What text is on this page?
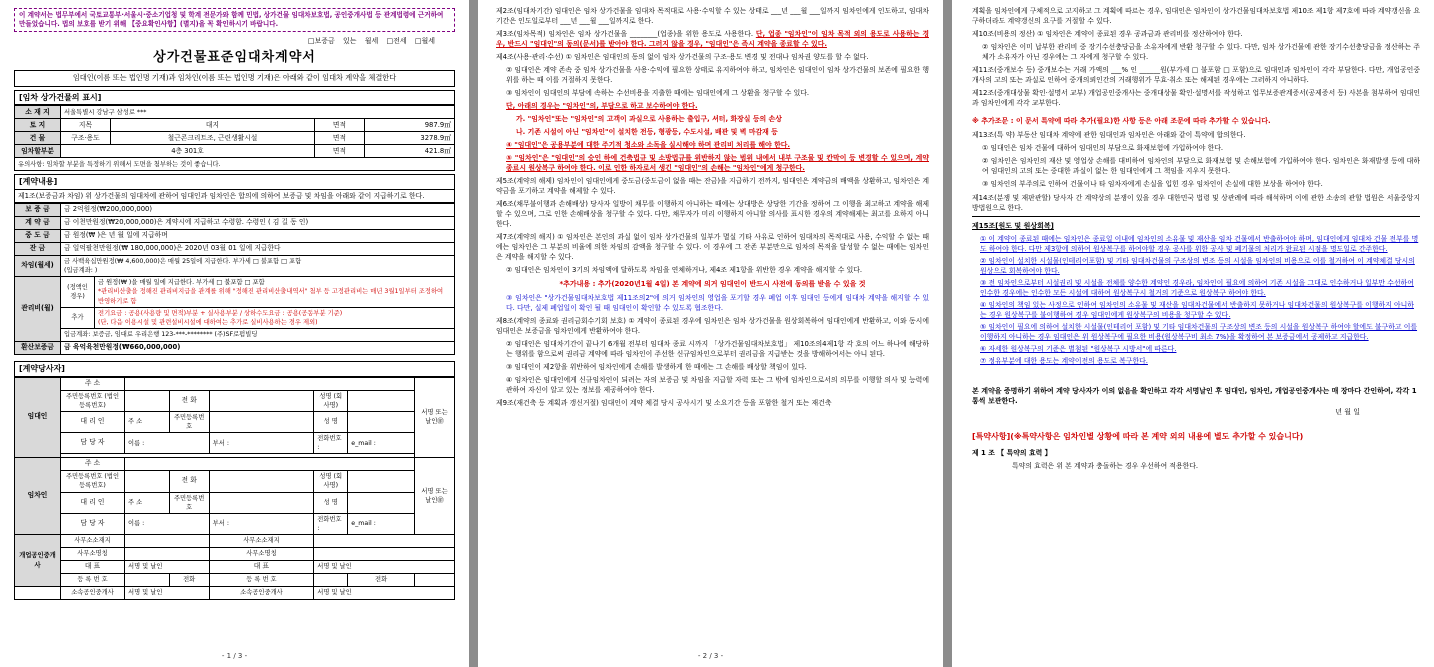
이 계약서는 법무부에서 국토교통부·서울시·중소기업청 및 학계 전문가와 함께 민법, 상가건물 임대차보호법, 공인중개사법 등 관계법령에 근거하여 만들었습니다. 법의 보호를 받기 위해 【중요확인사항】(별지)을 꼭 확인하시기 바랍니다.
□보증금 있는 월세 □전세 □월세
상가건물표준임대차계약서
임대인(이름 또는 법인명 기재)과 임차인(이름 또는 법인명 기재)은 아래와 같이 임대차 계약을 체결한다
[임차 상가건물의 표시]
소 재 지	서울특별시 강남구 삼성로 ***			
토 지	지목	대지	면적	987.9㎡
건 물	구조·용도	철근콘크리트조, 근린생활시설	면적	3278.9㎡
임차할부분	4층 301호		면적	421.8㎡
유의사항: 임차할 부분을 특정하기 위해서 도면을 첨부하는 것이 좋습니다.				
[계약내용]
제1조(보증금과 차임) 위 상가건물의 임대차에 관하여 임대인과 임차인은 합의에 의하여 보증금 및 차임을 아래와 같이 지급하기로 한다.
보 증 금	금 2억원정(₩200,000,000)	
계 약 금	금 이천만원정(₩20,000,000)은 계약시에 지급하고 수령함. 수령인 ( 김 길 동 인)	
중 도 금	금 원정(₩ )은 년 월 일에 지급하며	
잔 금	금 일억팔천만원정(₩ 180,000,000)은 2020년 03월 01 일에 지급한다	
차임(월세)	금 사백육십만원정(₩ 4,600,000)은 매월 25일에 지급한다. 부가세 □ 불포함 □ 포함
(입금계좌: )	

관리비(월)	(정액인 경우)	금 원정(₩ )을 매월 일에 지급한다. 부가세 □ 불포함 □ 포함
*관리비산출을 정해진 관리비지급을 관계를 위해 "정해진 관리비산출내역서" 첨부 등 고정관리비는 매년 3월1일부터 조정하여 반영하기로 함

	추가	전기요금 : 공용(사용량 및 면적)부분 + 실사용부분 / 상하수도요금 : 공용(공동부분 기준)
(단, 다음 이용시설 및 관련설비시설에 대하여는 추가로 실비사용하는 경우 제외)

	입금계좌: 보증금, 임대료 우리은행 123-***-******** (주)SF로펌빌딩	
환산보증금	금 육억육천만원정(₩660,000,000)	
[계약당사자]
임대인	주 소						서명 또는 날인㊞
	주민등록번호 (법인등록번호)		전 화		성명 (회사명)		
	대 리 인	주 소	주민등록번호		성 명		
	담 당 자	이름 :		부서 :	전화번호 :	e_mail :	

임차인	주 소						서명 또는 날인㊞
	주민등록번호 (법인등록번호)		전 화		성명 (회사명)		
	대 리 인	주 소	주민등록번호		성 명		
	담 당 자	이름 :		부서 :	전화번호 :	e_mail :	
개업공인중개사	사무소소재지			사무소소재지			
	사무소명칭			사무소명칭			
	대 표	서명 및 날인		대 표	서명 및 날인		
	등 록 번 호		전화	등 록 번 호		전화	
	소속공인중개사	서명 및 날인		소속공인중개사	서명 및 날인		
- 1 / 3 -
제2조(임대차기간) 임대인은 임차 상가건물을 임대차 목적대로 사용·수익할 수 있는 상태로 ___년 ___월 ___일까지 임차인에게 인도하고, 임대차기간은 인도일로부터 ___년 ___월 ___일까지로 한다.
제3조(임차목적) 임차인은 임차 상가건물을 ________(업종)을 위한 용도로 사용한다. 단, 업종 "임차인"이 임차 목적 외의 용도로 사용하는 경우, 반드시 "임대인"의 동의(문서)를 받아야 한다. 그러지 않을 경우, "임대인"은 즉시 계약을 종료할 수 있다.
제4조(사용·관리·수선) ① 임차인은 임대인의 동의 없이 임차 상가건물의 구조·용도 변경 및 전대나 임차권 양도를 할 수 없다.
② 임대인은 계약 존속 중 임차 상가건물을 사용·수익에 필요한 상태로 유지하여야 하고, 임차인은 임대인이 임차 상가건물의 보존에 필요한 행위를 하는 때 이를 거절하지 못한다.
③ 임차인이 임대인의 부담에 속하는 수선비용을 지출한 때에는 임대인에게 그 상환을 청구할 수 있다.
단, 아래의 경우는 "임차인"의, 부담으로 하고 보수하여야 한다.
가. "임차인"또는 "임차인"의 고객이 과실으로 사용하는 출입구, 셔터, 화장실 등의 손상
나. 기존 시설이 아닌 "임차인"이 설치한 전등, 형광등, 수도시설, 배관 및 벽 마감재 등
④ "임대인"은 공용부분에 대한 주기적 청소와 소독을 실시해야 하며 관리비 처리를 해야 한다.
⑤ "임차인"은 "임대인"의 승인 하에 건축법규 및 소방법규를 위반하지 않는 범위 내에서 내부 구조물 및 칸막이 등 변경할 수 있으며, 계약 종료시 원상복구 하여야 한다. 이로 인한 하자로서 생긴 "임대인"의 손해는 "임차인"에게 청구한다.
제5조(계약의 해제) 임차인이 임대인에게 중도금(중도금이 없을 때는 잔금)을 지급하기 전까지, 임대인은 계약금의 배액을 상환하고, 임차인은 계약금을 포기하고 계약을 해제할 수 있다.
제6조(채무불이행과 손해배상) 당사자 일방이 채무를 이행하지 아니하는 때에는 상대방은 상당한 기간을 정하여 그 이행을 최고하고 계약을 해제할 수 있으며, 그로 인한 손해배상을 청구할 수 있다. 다만, 채무자가 미리 이행하지 아니할 의사를 표시한 경우의 계약해제는 최고를 요하지 아니한다.
제7조(계약의 해지) ① 임차인은 본인의 과실 없이 임차 상가건물의 일부가 멸실 기타 사유로 인하여 임대차의 목적대로 사용, 수익할 수 없는 때에는 임차인은 그 부분의 비율에 의한 차임의 감액을 청구할 수 있다. 이 경우에 그 잔존 부분만으로 임차의 목적을 달성할 수 없는 때에는 임차인은 계약을 해지할 수 있다.
② 임대인은 임차인이 3기의 차임액에 달하도록 차임을 연체하거나, 제4조 제1항을 위반한 경우 계약을 해지할 수 있다.
*추가내용 : 추가(2020년1월 4일) 본 계약에 의거 임대인이 반드시 사전에 동의를 받을 수 있을 것
③ 임차인은 "상가건물임대차보호법 제11조의2"에 의거 임차인의 영업을 포기할 경우 폐업 이후 임대인 등에게 임대차 계약을 해지할 수 있다. 다만, 실제 폐업일이 확인 될 때 임대인이 확인할 수 있도록 협조한다.
제8조(계약의 종료와 권리금회수기회 보호) ① 계약이 종료된 경우에 임차인은 임차 상가건물을 원상회복하여 임대인에게 반환하고, 이와 동시에 임대인은 보증금을 임차인에게 반환하여야 한다.
② 임대인은 임대차기간이 끝나기 6개월 전부터 임대차 종료 시까지 「상가건물임대차보호법」 제10조의4제1항 각 호의 어느 하나에 해당하는 행위를 함으로써 권리금 계약에 따라 임차인이 주선한 신규임차인으로부터 권리금을 지급받는 것을 방해하여서는 아니 된다.
③ 임대인이 제2항을 위반하여 임차인에게 손해를 발생하게 한 때에는 그 손해를 배상할 책임이 있다.
④ 임차인은 임대인에게 신규임차인이 되려는 자의 보증금 및 차임을 지급할 자력 또는 그 밖에 임차인으로서의 의무를 이행할 의사 및 능력에 관하여 자신이 알고 있는 정보를 제공하여야 한다.
제9조(재건축 등 계획과 갱신거절) 임대인이 계약 체결 당시 공사시기 및 소요기간 등을 포함한 철거 또는 재건축
- 2 / 3 -
계획을 임차인에게 구체적으로 고지하고 그 계획에 따르는 경우, 임대인은 임차인이 상가건물임대차보호법 제10조 제1항 제7호에 따라 계약갱신을 요구하더라도 계약갱신의 요구를 거절할 수 있다.
제10조(비용의 정산) ① 임차인은 계약이 종료된 경우 공과금과 관리비를 정산하여야 한다.
② 임차인은 이미 납부한 관리비 중 장기수선충당금을 소유자에게 반환 청구할 수 있다. 다만, 임차 상가건물에 관한 장기수선충당금을 정산하는 주체가 소유자가 아닌 경우에는 그 자에게 청구할 수 있다.
제11조(중개보수 등) 중개보수는 거래 가액의 ___% 인 ______원(부가세 □ 불포함 □ 포함)으로 임대인과 임차인이 각각 부담한다. 다만, 개업공인중개사의 고의 또는 과실로 인하여 중개의뢰인간의 거래행위가 무효·취소 또는 해제된 경우에는 그러하지 아니하다.
제12조(중개대상물 확인·설명서 교부) 개업공인중개사는 중개대상물 확인·설명서를 작성하고 업무보증관계증서(공제증서 등) 사본을 첨부하여 임대인과 임차인에게 각각 교부한다.
※ 추가조문 : 이 문서 특약에 따라 추가(필요)한 사항 등은 아래 조문에 따라 추가할 수 있습니다.
제13조(특 약) 부동산 임대차 계약에 관한 임대인과 임차인은 아래와 같이 특약에 합의한다.
① 임대인은 임차 건물에 대하여 임대인의 부담으로 화재보험에 가입하여야 한다.
② 임차인은 임차인의 재산 및 영업상 손해를 대비하여 임차인의 부담으로 화재보험 및 손해보험에 가입하여야 한다. 임차인은 화재발생 등에 대하여 임대인의 고의 또는 중대한 과실이 없는 한 임대인에게 그 책임을 지우지 못한다.
③ 임차인의 부주의로 인하여 건물이나 타 임차자에게 손실을 입힌 경우 임차인이 손실에 대한 보상을 하여야 한다.
제14조(분쟁 및 재판관할) 당사자 간 계약상의 분쟁이 있을 경우 대한민국 법령 및 상관례에 따라 해석하며 이에 관한 소송의 관할 법원은 서울중앙지방법원으로 한다.
제15조[원도 및 원상회복]
① 이 계약이 종료된 때에는 임차인은 종료일 이내에 임차인의 소유물 및 재산을 임차 건물에서 반출하여야 하며, 임대인에게 임대차 건물 전부를 명도 하여야 한다. 다만 제3항에 의하여 원상복구를 하여야할 경우 공사를 위한 공사 및 폐기물의 처리가 완료된 시점을 명도일로 간주한다.
② 임차인이 설치한 시설물(인테리어포함) 및 기타 임대차건물의 구조상의 변조 등의 시설을 임차인의 비용으로 이를 철거하여 이 계약체결 당시의 원상으로 회복하여야 한다.
③ 전 임차인으로부터 시설권리 및 시설을 전체를 양수한 계약인 경우라, 임차인이 필요에 의하여 기존 시설을 그대로 인수하거나 일부만 수선하여 인수한 경우에는 인수한 모든 시설에 대하여 원상복구시 철거의 기준으로 원상복구 하여야 한다.
④ 임차인의 책임 있는 사정으로 인하여 임차인의 소유물 및 재산을 임대차건물에서 반출하지 못하거나 임대차건물의 원상복구를 이행하지 아니하는 경우 원상복구를 불이행하여 경우 임대인에게 원상복구의 비용을 청구할 수 있다.
⑤ 임차인이 필요에 의하여 설치한 시설물(인테리어 포함) 및 기타 임대차건물의 구조상의 변조 등의 시설을 원상복구 하여야 할에도 불구하고 이를 이행하지 아니하는 경우 임대인은 위 원상복구에 필요한 비용(원상복구비 최소 7%)을 확정하여 본 보증금에서 공제하고 지급한다.
⑥ 자세한 원상복구의 기준은 별첨된 "원상복구 시방서"에 따른다.
⑦ 정유부분에 대한 용도는 계약이전의 용도로 복구한다.
본 계약을 증명하기 위하여 계약 당사자가 이의 없음을 확인하고 각각 서명날인 후 임대인, 임차인, 개업공인중개사는 매 장마다 간인하여, 각각 1통씩 보관한다.
년 월 일
[특약사항](※특약사항은 임차인별 상황에 따라 본 계약 외의 내용에 별도 추가할 수 있습니다)
제 1 조 【 특약의 효력 】
특약의 효력은 위 본 계약과 충돌하는 경우 우선하여 적용한다.
